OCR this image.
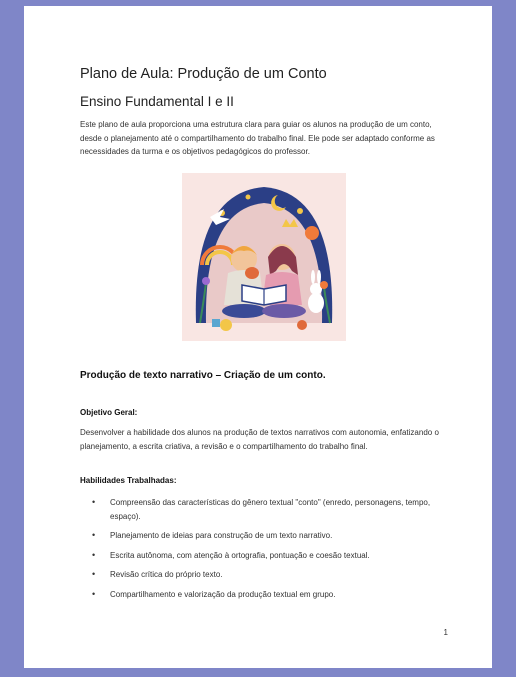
Plano de Aula: Produção de um Conto
Ensino Fundamental I e II

Este plano de aula proporciona uma estrutura clara para guiar os alunos na produção de um conto, desde o planejamento até o compartilhamento do trabalho final. Ele pode ser adaptado conforme as necessidades da turma e os objetivos pedagógicos do professor.

Produção de texto narrativo – Criação de um conto.

Objetivo Geral:

Desenvolver a habilidade dos alunos na produção de textos narrativos com autonomia, enfatizando o planejamento, a escrita criativa, a revisão e o compartilhamento do trabalho final.

Habilidades Trabalhadas:

• Compreensão das características do gênero textual "conto" (enredo, personagens, tempo, espaço).
• Planejamento de ideias para construção de um texto narrativo.
• Escrita autônoma, com atenção à ortografia, pontuação e coesão textual.
• Revisão crítica do próprio texto.
• Compartilhamento e valorização da produção textual em grupo.
1
